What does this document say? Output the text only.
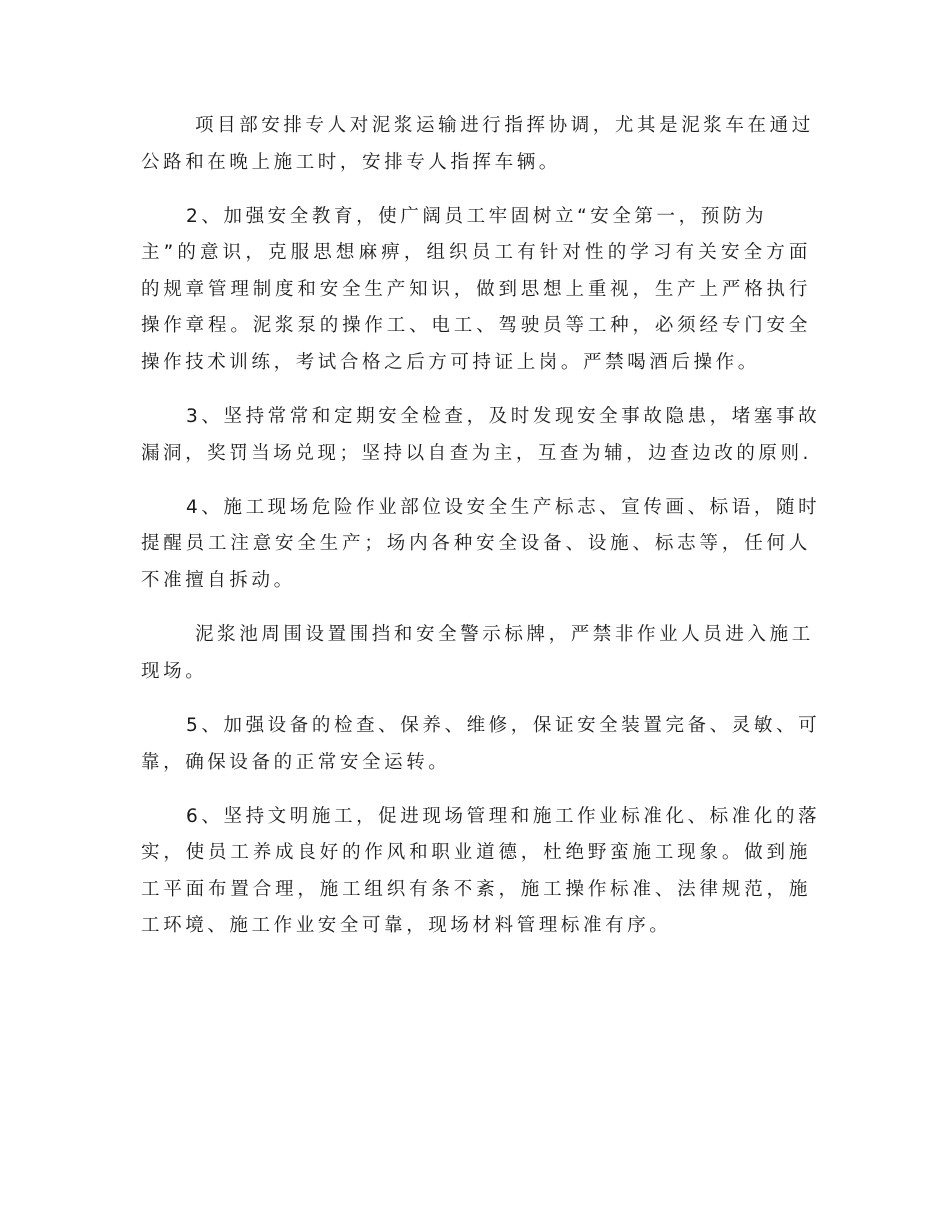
项目部安排专人对泥浆运输进行指挥协调，尤其是泥浆车在通过
公路和在晚上施工时，安排专人指挥车辆。
2、加强安全教育，使广阔员工牢固树立“安全第一，预防为
主”的意识，克服思想麻痹，组织员工有针对性的学习有关安全方面
的规章管理制度和安全生产知识，做到思想上重视，生产上严格执行
操作章程。泥浆泵的操作工、电工、驾驶员等工种，必须经专门安全
操作技术训练，考试合格之后方可持证上岗。严禁喝酒后操作。
3、坚持常常和定期安全检查，及时发现安全事故隐患，堵塞事故
漏洞，奖罚当场兑现；坚持以自查为主，互查为辅，边查边改的原则.
4、施工现场危险作业部位设安全生产标志、宣传画、标语，随时
提醒员工注意安全生产；场内各种安全设备、设施、标志等，任何人
不准擅自拆动。
泥浆池周围设置围挡和安全警示标牌，严禁非作业人员进入施工
现场。
5、加强设备的检查、保养、维修，保证安全装置完备、灵敏、可
靠，确保设备的正常安全运转。
6、坚持文明施工，促进现场管理和施工作业标准化、标准化的落
实，使员工养成良好的作风和职业道德，杜绝野蛮施工现象。做到施
工平面布置合理，施工组织有条不紊，施工操作标准、法律规范，施
工环境、施工作业安全可靠，现场材料管理标准有序。
